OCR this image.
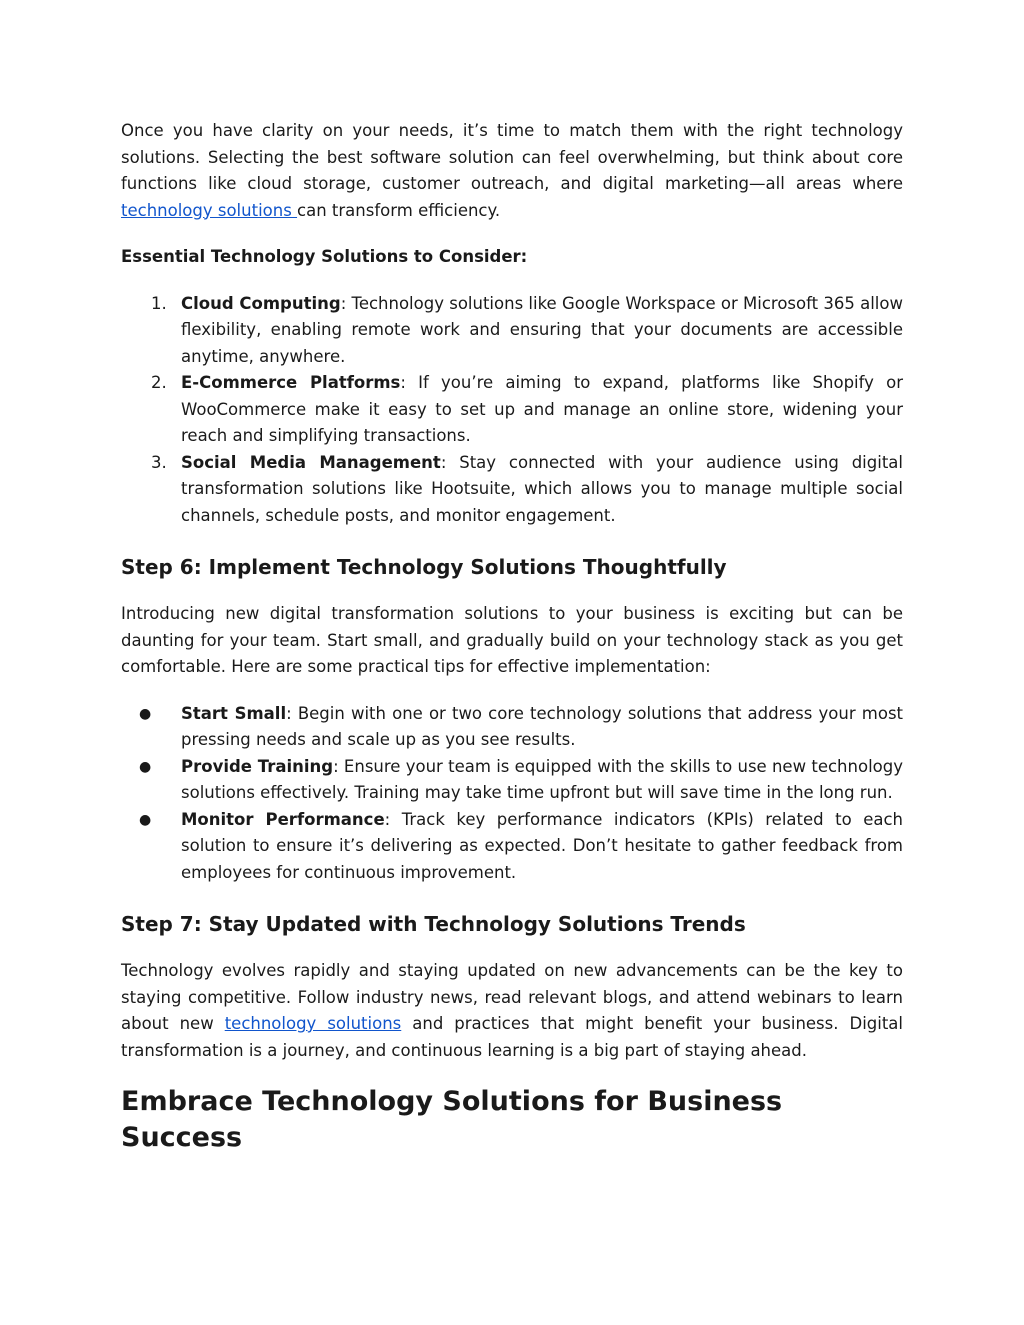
Once you have clarity on your needs, it’s time to match them with the right technology solutions. Selecting the best software solution can feel overwhelming, but think about core functions like cloud storage, customer outreach, and digital marketing—all areas where technology solutions can transform efficiency.

Essential Technology Solutions to Consider:

1. Cloud Computing: Technology solutions like Google Workspace or Microsoft 365 allow flexibility, enabling remote work and ensuring that your documents are accessible anytime, anywhere.
2. E-Commerce Platforms: If you’re aiming to expand, platforms like Shopify or WooCommerce make it easy to set up and manage an online store, widening your reach and simplifying transactions.
3. Social Media Management: Stay connected with your audience using digital transformation solutions like Hootsuite, which allows you to manage multiple social channels, schedule posts, and monitor engagement.
Step 6: Implement Technology Solutions Thoughtfully

Introducing new digital transformation solutions to your business is exciting but can be daunting for your team. Start small, and gradually build on your technology stack as you get comfortable. Here are some practical tips for effective implementation:

● Start Small: Begin with one or two core technology solutions that address your most pressing needs and scale up as you see results.
● Provide Training: Ensure your team is equipped with the skills to use new technology solutions effectively. Training may take time upfront but will save time in the long run.
● Monitor Performance: Track key performance indicators (KPIs) related to each solution to ensure it’s delivering as expected. Don’t hesitate to gather feedback from employees for continuous improvement.
Step 7: Stay Updated with Technology Solutions Trends

Technology evolves rapidly and staying updated on new advancements can be the key to staying competitive. Follow industry news, read relevant blogs, and attend webinars to learn about new technology solutions and practices that might benefit your business. Digital transformation is a journey, and continuous learning is a big part of staying ahead.

Embrace Technology Solutions for Business Success
